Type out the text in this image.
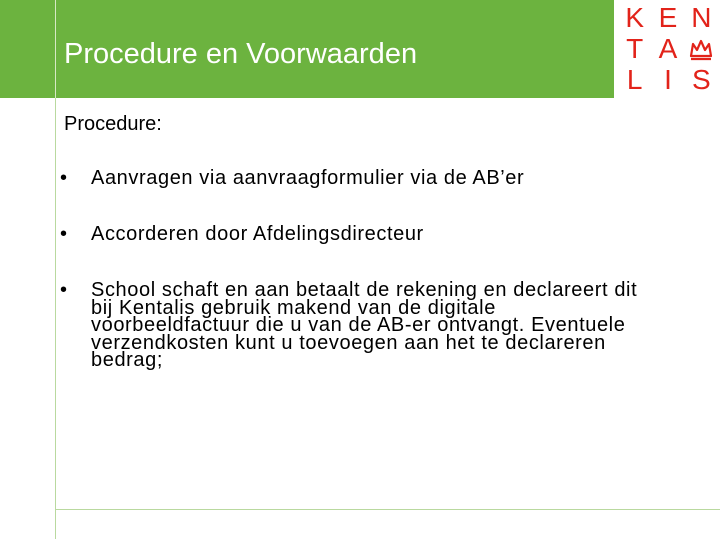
Procedure en Voorwaarden
K E N
T A
L I S

Procedure:

• Aanvragen via aanvraagformulier via de AB’er
• Accorderen door Afdelingsdirecteur
• School schaft en aan betaalt de rekening en declareert dit bij Kentalis gebruik makend van de digitale voorbeeldfactuur die u van de AB-er ontvangt. Eventuele verzendkosten kunt u toevoegen aan het te declareren bedrag;
